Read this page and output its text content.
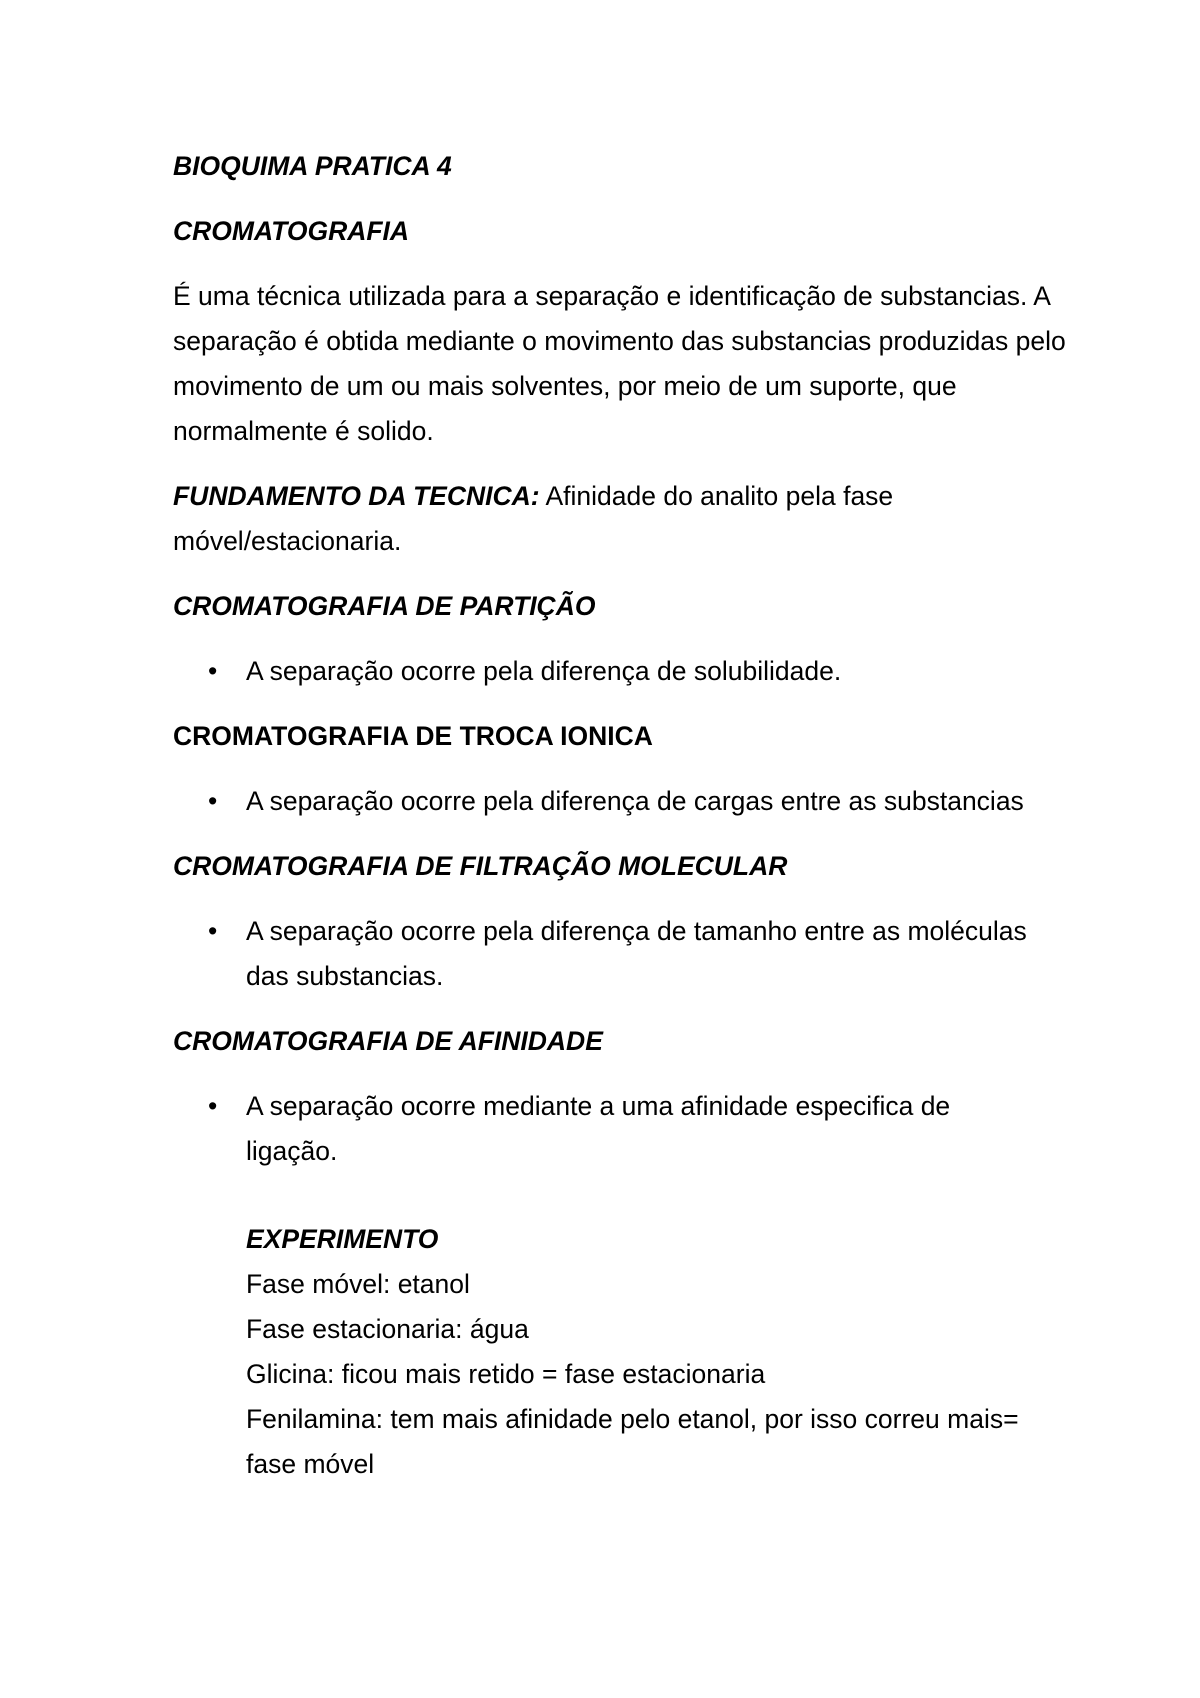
BIOQUIMA PRATICA 4
CROMATOGRAFIA
É uma técnica utilizada para a separação e identificação de substancias. A separação é obtida mediante o movimento das substancias produzidas pelo movimento de um ou mais solventes, por meio de um suporte, que normalmente é solido.
FUNDAMENTO DA TECNICA: Afinidade do analito pela fase móvel/estacionaria.
CROMATOGRAFIA DE PARTIÇÃO
• A separação ocorre pela diferença de solubilidade.
CROMATOGRAFIA DE TROCA IONICA
• A separação ocorre pela diferença de cargas entre as substancias
CROMATOGRAFIA DE FILTRAÇÃO MOLECULAR
• A separação ocorre pela diferença de tamanho entre as moléculas das substancias.
CROMATOGRAFIA DE AFINIDADE
• A separação ocorre mediante a uma afinidade especifica de ligação.
EXPERIMENTO
Fase móvel: etanol
Fase estacionaria: água
Glicina: ficou mais retido = fase estacionaria
Fenilamina: tem mais afinidade pelo etanol, por isso correu mais= fase móvel
